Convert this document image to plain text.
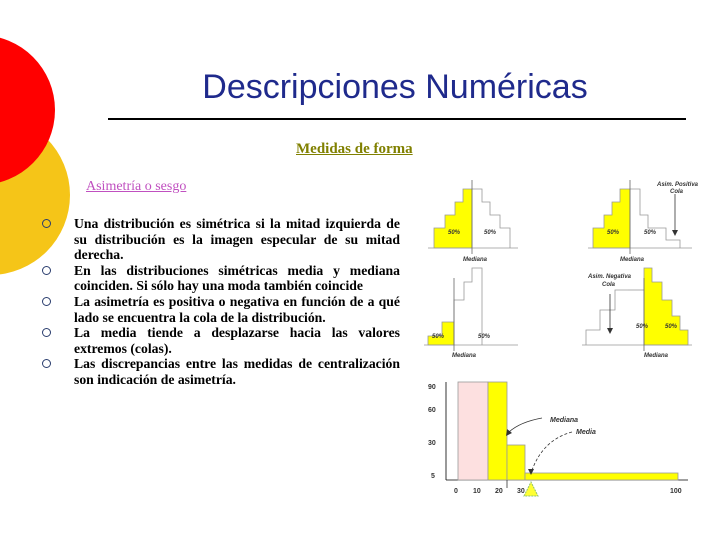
Descripciones Numéricas
Medidas de forma
Asimetría o sesgo
Una distribución es simétrica si la mitad izquierda de su distribución es la imagen especular de su mitad derecha.
En las distribuciones simétricas media y mediana coinciden. Si sólo hay una moda también coincide
La asimetría es positiva o negativa en función de a qué lado se encuentra la cola de la distribución.
La media tiende a desplazarse hacia las valores extremos (colas).
Las discrepancias entre las medidas de centralización son indicación de asimetría.
50%	50%
Mediana
Asim. Positiva
Cola
50%	50%
Mediana
50%	50%
Mediana
Asim. Negativa
Cola
50%	50%
Mediana
Mediana
Media
90
60
30
5
0 10 20 30	100
